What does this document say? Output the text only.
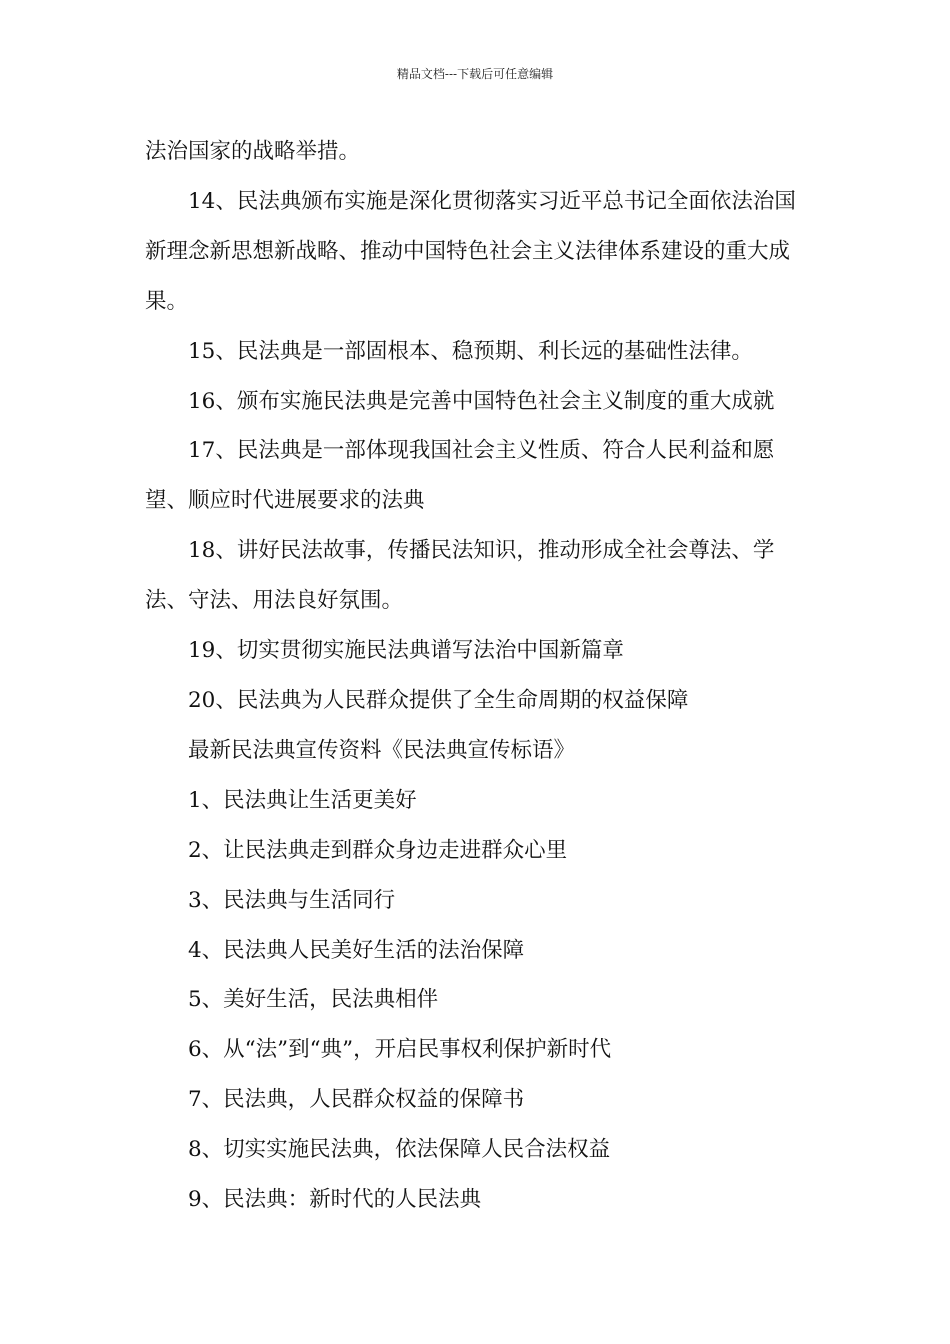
精品文档---下载后可任意编辑

法治国家的战略举措。

14、民法典颁布实施是深化贯彻落实习近平总书记全面依法治国新理念新思想新战略、推动中国特色社会主义法律体系建设的重大成果。

15、民法典是一部固根本、稳预期、利长远的基础性法律。

16、颁布实施民法典是完善中国特色社会主义制度的重大成就

17、民法典是一部体现我国社会主义性质、符合人民利益和愿望、顺应时代进展要求的法典

18、讲好民法故事，传播民法知识，推动形成全社会尊法、学法、守法、用法良好氛围。

19、切实贯彻实施民法典谱写法治中国新篇章

20、民法典为人民群众提供了全生命周期的权益保障

最新民法典宣传资料《民法典宣传标语》

1、民法典让生活更美好

2、让民法典走到群众身边走进群众心里

3、民法典与生活同行

4、民法典人民美好生活的法治保障

5、美好生活，民法典相伴

6、从“法”到“典”，开启民事权利保护新时代

7、民法典，人民群众权益的保障书

8、切实实施民法典，依法保障人民合法权益

9、民法典：新时代的人民法典
